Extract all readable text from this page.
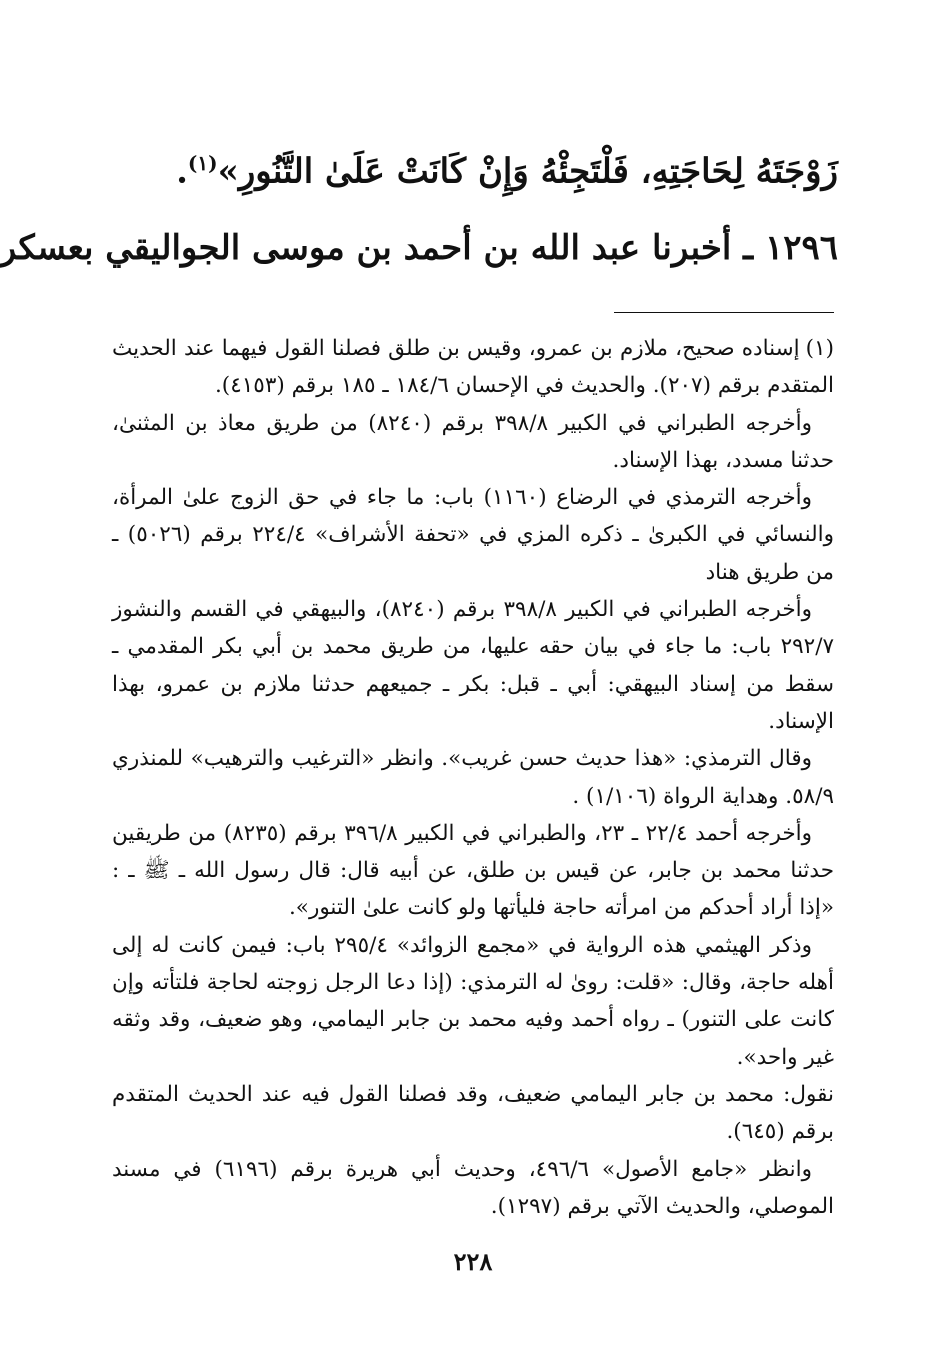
زَوْجَتَهُ لِحَاجَتِهِ، فَلْتَجِئْهُ وَإِنْ كَانَتْ عَلَىٰ التَّنُورِ»$^{(١)}$.
١٢٩٦ ـ أخبرنا عبد الله بن أحمد بن موسى الجواليقي بعسكر

(١)إسناده صحيح، ملازم بن عمرو، وقيس بن طلق فصلنا القول فيهما عند الحديث المتقدم برقم (٢٠٧). والحديث في الإحسان ١٨٤/٦ ـ ١٨٥ برقم (٤١٥٣).

وأخرجه الطبراني في الكبير ٣٩٨/٨ برقم (٨٢٤٠) من طريق معاذ بن المثنىٰ، حدثنا مسدد، بهذا الإسناد.

وأخرجه الترمذي في الرضاع (١١٦٠) باب: ما جاء في حق الزوج علىٰ المرأة، والنسائي في الكبرىٰ ـ ذكره المزي في «تحفة الأشراف» ٢٢٤/٤ برقم (٥٠٢٦) ـ من طريق هناد

وأخرجه الطبراني في الكبير ٣٩٨/٨ برقم (٨٢٤٠)، والبيهقي في القسم والنشوز ٢٩٢/٧ باب: ما جاء في بيان حقه عليها، من طريق محمد بن أبي بكر المقدمي ـ سقط من إسناد البيهقي: أبي ـ قبل: بكر ـ جميعهم حدثنا ملازم بن عمرو، بهذا الإسناد.

وقال الترمذي: «هذا حديث حسن غريب». وانظر «الترغيب والترهيب» للمنذري ٥٨/٩. وهداية الرواة (١/١٠٦) .

وأخرجه أحمد ٢٢/٤ ـ ٢٣، والطبراني في الكبير ٣٩٦/٨ برقم (٨٢٣٥) من طريقين حدثنا محمد بن جابر، عن قيس بن طلق، عن أبيه قال: قال رسول الله ـ ﷺ ـ : «إذا أراد أحدكم من امرأته حاجة فليأتها ولو كانت علىٰ التنور».

وذكر الهيثمي هذه الرواية في «مجمع الزوائد» ٢٩٥/٤ باب: فيمن كانت له إلى أهله حاجة، وقال: «قلت: روىٰ له الترمذي: (إذا دعا الرجل زوجته لحاجة فلتأته وإن كانت على التنور) ـ رواه أحمد وفيه محمد بن جابر اليمامي، وهو ضعيف، وقد وثقه غير واحد».

نقول: محمد بن جابر اليمامي ضعيف، وقد فصلنا القول فيه عند الحديث المتقدم برقم (٦٤٥).

وانظر «جامع الأصول» ٤٩٦/٦، وحديث أبي هريرة برقم (٦١٩٦) في مسند الموصلي، والحديث الآتي برقم (١٢٩٧).

٢٢٨
